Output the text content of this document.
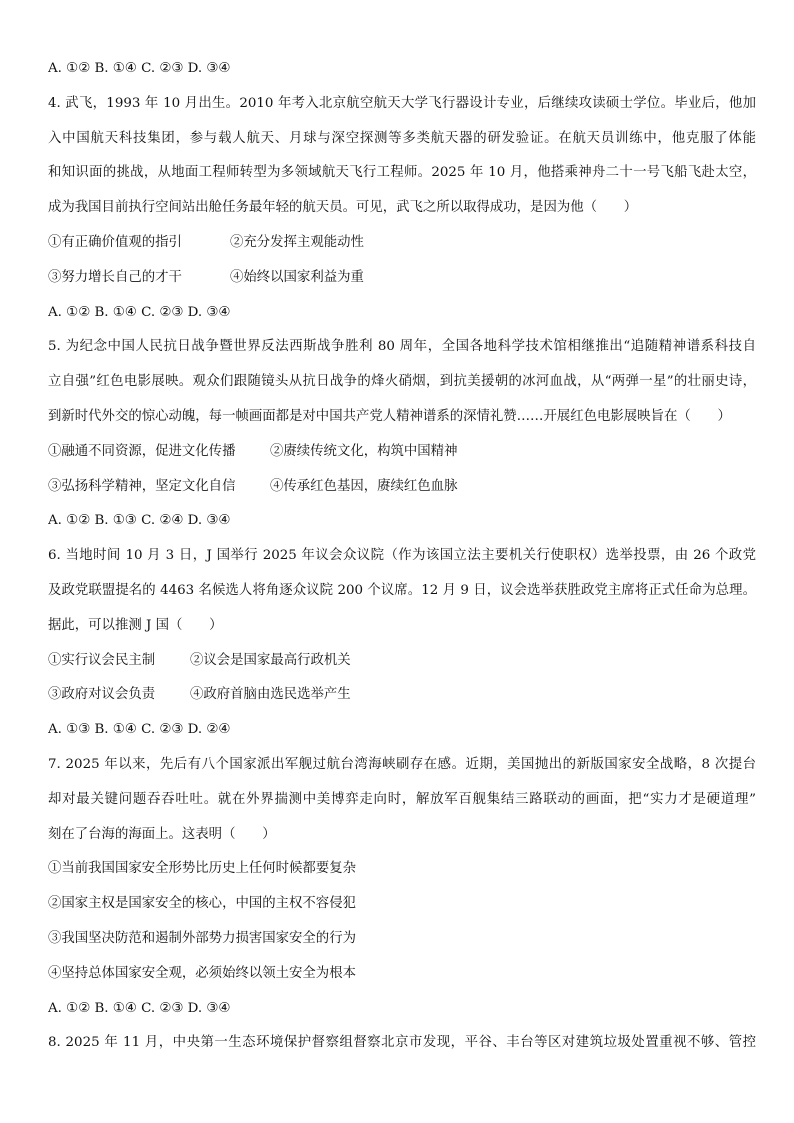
A. ①② B. ①④ C. ②③ D. ③④
4. 武飞，1993 年 10 月出生。2010 年考入北京航空航天大学飞行器设计专业，后继续攻读硕士学位。毕业后，他加
入中国航天科技集团，参与载人航天、月球与深空探测等多类航天器的研发验证。在航天员训练中，他克服了体能
和知识面的挑战，从地面工程师转型为多领域航天飞行工程师。2025 年 10 月，他搭乘神舟二十一号飞船飞赴太空，
成为我国目前执行空间站出舱任务最年轻的航天员。可见，武飞之所以取得成功，是因为他（　　）
①有正确价值观的指引	②充分发挥主观能动性
③努力增长自己的才干	④始终以国家利益为重
A. ①② B. ①④ C. ②③ D. ③④
5. 为纪念中国人民抗日战争暨世界反法西斯战争胜利 80 周年，全国各地科学技术馆相继推出“追随精神谱系科技自
立自强”红色电影展映。观众们跟随镜头从抗日战争的烽火硝烟，到抗美援朝的冰河血战，从“两弹一星”的壮丽史诗，
到新时代外交的惊心动魄，每一帧画面都是对中国共产党人精神谱系的深情礼赞……开展红色电影展映旨在（　　）
①融通不同资源，促进文化传播	②赓续传统文化，构筑中国精神
③弘扬科学精神，坚定文化自信	④传承红色基因，赓续红色血脉
A. ①② B. ①③ C. ②④ D. ③④
6. 当地时间 10 月 3 日，J 国举行 2025 年议会众议院（作为该国立法主要机关行使职权）选举投票，由 26 个政党
及政党联盟提名的 4463 名候选人将角逐众议院 200 个议席。12 月 9 日，议会选举获胜政党主席将正式任命为总理。
据此，可以推测 J 国（　　）
①实行议会民主制	②议会是国家最高行政机关
③政府对议会负责	④政府首脑由选民选举产生
A. ①③ B. ①④ C. ②③ D. ②④
7. 2025 年以来，先后有八个国家派出军舰过航台湾海峡刷存在感。近期，美国抛出的新版国家安全战略，8 次提台
却对最关键问题吞吞吐吐。就在外界揣测中美博弈走向时，解放军百舰集结三路联动的画面，把“实力才是硬道理”
刻在了台海的海面上。这表明（　　）
①当前我国国家安全形势比历史上任何时候都要复杂
②国家主权是国家安全的核心，中国的主权不容侵犯
③我国坚决防范和遏制外部势力损害国家安全的行为
④坚持总体国家安全观，必须始终以领土安全为根本
A. ①② B. ①④ C. ②③ D. ③④
8. 2025 年 11 月，中央第一生态环境保护督察组督察北京市发现，平谷、丰台等区对建筑垃圾处置重视不够、管控
